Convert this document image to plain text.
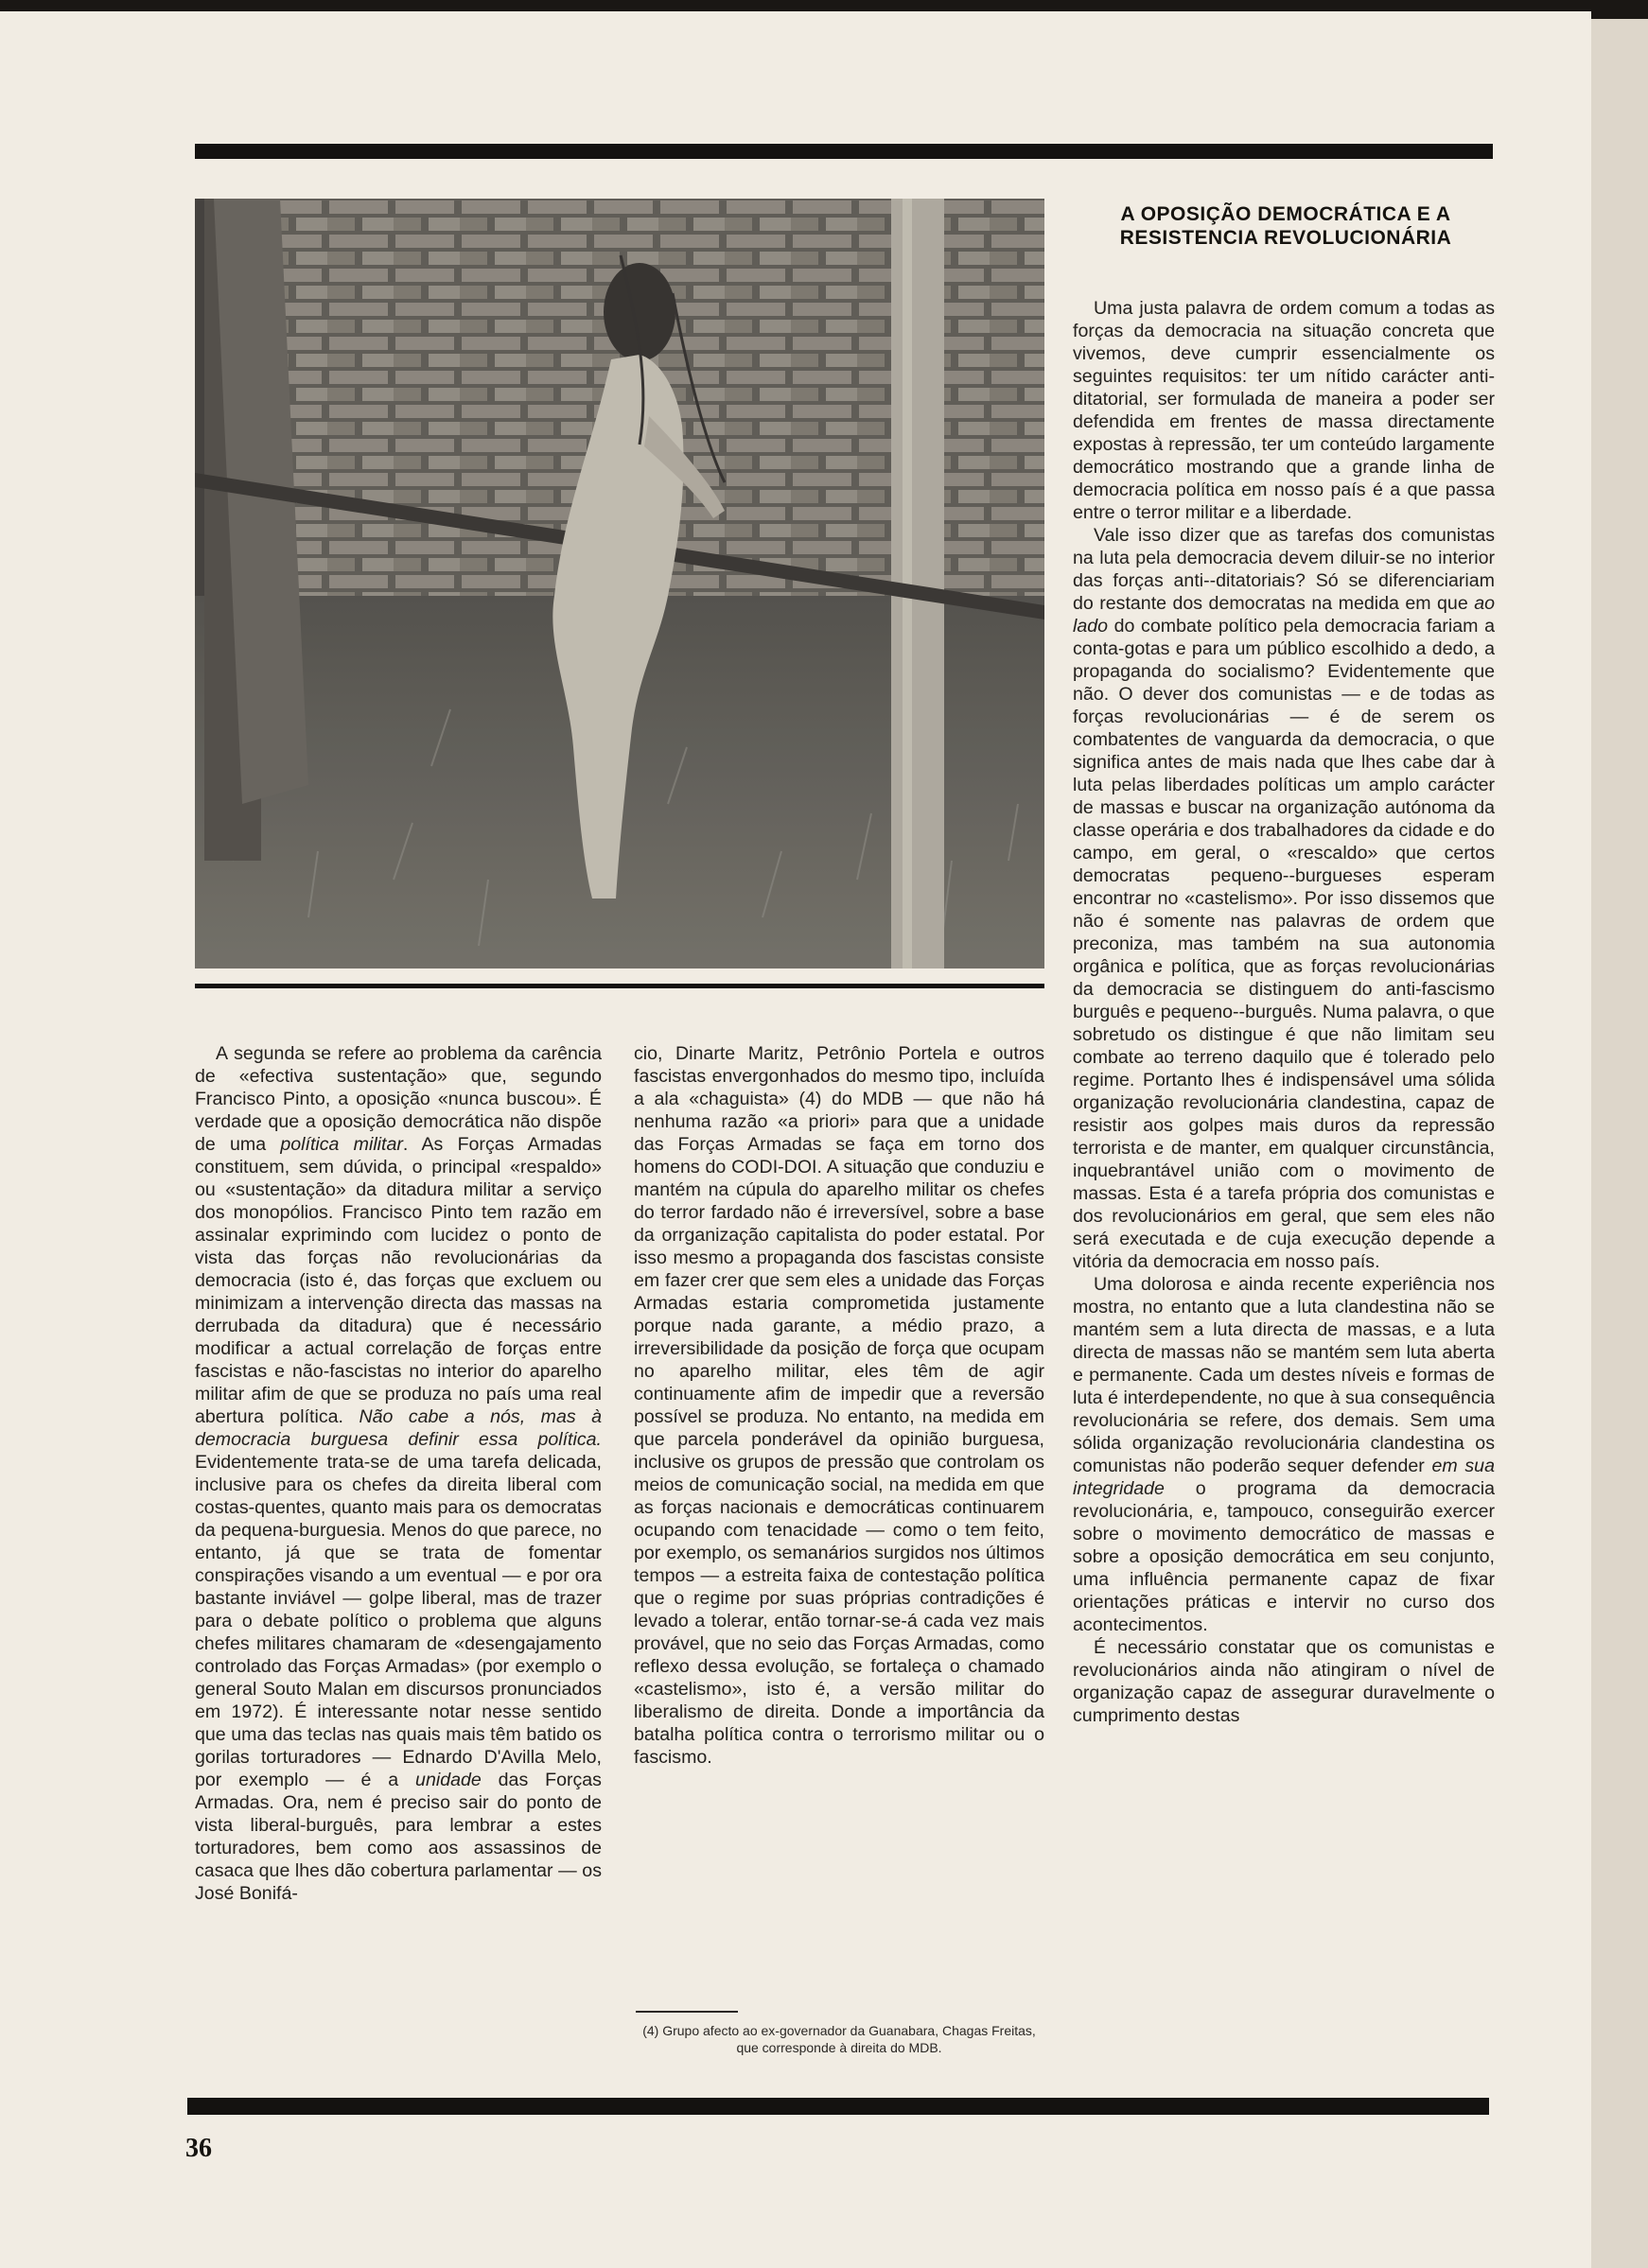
A OPOSIÇÃO DEMOCRÁTICA E A
RESISTENCIA REVOLUCIONÁRIA

A segunda se refere ao problema da carência de «efectiva sustentação» que, segundo Francisco Pinto, a oposição «nunca buscou». É verdade que a oposição democrática não dispõe de uma política militar. As Forças Armadas constituem, sem dúvida, o principal «respaldo» ou «sustentação» da ditadura militar a serviço dos monopólios. Francisco Pinto tem razão em assinalar exprimindo com lucidez o ponto de vista das forças não revolucionárias da democracia (isto é, das forças que excluem ou minimizam a intervenção directa das massas na derrubada da ditadura) que é necessário modificar a actual correlação de forças entre fascistas e não-fascistas no interior do aparelho militar afim de que se produza no país uma real abertura política. Não cabe a nós, mas à democracia burguesa definir essa política. Evidentemente trata-se de uma tarefa delicada, inclusive para os chefes da direita liberal com costas-quentes, quanto mais para os democratas da pequena-burguesia. Menos do que parece, no entanto, já que se trata de fomentar conspirações visando a um eventual — e por ora bastante inviável — golpe liberal, mas de trazer para o debate político o problema que alguns chefes militares chamaram de «desengajamento controlado das Forças Armadas» (por exemplo o general Souto Malan em discursos pronunciados em 1972). É interessante notar nesse sentido que uma das teclas nas quais mais têm batido os gorilas torturadores — Ednardo D'Avilla Melo, por exemplo — é a unidade das Forças Armadas. Ora, nem é preciso sair do ponto de vista liberal-burguês, para lembrar a estes torturadores, bem como aos assassinos de casaca que lhes dão cobertura parlamentar — os José Bonifá-

cio, Dinarte Maritz, Petrônio Portela e outros fascistas envergonhados do mesmo tipo, incluída a ala «chaguista» (4) do MDB — que não há nenhuma razão «a priori» para que a unidade das Forças Armadas se faça em torno dos homens do CODI-DOI. A situação que conduziu e mantém na cúpula do aparelho militar os chefes do terror fardado não é irreversível, sobre a base da orrganização capitalista do poder estatal. Por isso mesmo a propaganda dos fascistas consiste em fazer crer que sem eles a unidade das Forças Armadas estaria comprometida justamente porque nada garante, a médio prazo, a irreversibilidade da posição de força que ocupam no aparelho militar, eles têm de agir continuamente afim de impedir que a reversão possível se produza. No entanto, na medida em que parcela ponderável da opinião burguesa, inclusive os grupos de pressão que controlam os meios de comunicação social, na medida em que as forças nacionais e democráticas continuarem ocupando com tenacidade — como o tem feito, por exemplo, os semanários surgidos nos últimos tempos — a estreita faixa de contestação política que o regime por suas próprias contradições é levado a tolerar, então tornar-se-á cada vez mais provável, que no seio das Forças Armadas, como reflexo dessa evolução, se fortaleça o chamado «castelismo», isto é, a versão militar do liberalismo de direita. Donde a importância da batalha política contra o terrorismo militar ou o fascismo.

(4) Grupo afecto ao ex-governador da Guanabara, Chagas Freitas, que corresponde à direita do MDB.

Uma justa palavra de ordem comum a todas as forças da democracia na situação concreta que vivemos, deve cumprir essencialmente os seguintes requisitos: ter um nítido carácter anti-ditatorial, ser formulada de maneira a poder ser defendida em frentes de massa directamente expostas à repressão, ter um conteúdo largamente democrático mostrando que a grande linha de democracia política em nosso país é a que passa entre o terror militar e a liberdade.

Vale isso dizer que as tarefas dos comunistas na luta pela democracia devem diluir-se no interior das forças anti--ditatoriais? Só se diferenciariam do restante dos democratas na medida em que ao lado do combate político pela democracia fariam a conta-gotas e para um público escolhido a dedo, a propaganda do socialismo? Evidentemente que não. O dever dos comunistas — e de todas as forças revolucionárias — é de serem os combatentes de vanguarda da democracia, o que significa antes de mais nada que lhes cabe dar à luta pelas liberdades políticas um amplo carácter de massas e buscar na organização autónoma da classe operária e dos trabalhadores da cidade e do campo, em geral, o «rescaldo» que certos democratas pequeno--burgueses esperam encontrar no «castelismo». Por isso dissemos que não é somente nas palavras de ordem que preconiza, mas também na sua autonomia orgânica e política, que as forças revolucionárias da democracia se distinguem do anti-fascismo burguês e pequeno--burguês. Numa palavra, o que sobretudo os distingue é que não limitam seu combate ao terreno daquilo que é tolerado pelo regime. Portanto lhes é indispensável uma sólida organização revolucionária clandestina, capaz de resistir aos golpes mais duros da repressão terrorista e de manter, em qualquer circunstância, inquebrantável união com o movimento de massas. Esta é a tarefa própria dos comunistas e dos revolucionários em geral, que sem eles não será executada e de cuja execução depende a vitória da democracia em nosso país.

Uma dolorosa e ainda recente experiência nos mostra, no entanto que a luta clandestina não se mantém sem a luta directa de massas, e a luta directa de massas não se mantém sem luta aberta e permanente. Cada um destes níveis e formas de luta é interdependente, no que à sua consequência revolucionária se refere, dos demais. Sem uma sólida organização revolucionária clandestina os comunistas não poderão sequer defender em sua integridade o programa da democracia revolucionária, e, tampouco, conseguirão exercer sobre o movimento democrático de massas e sobre a oposição democrática em seu conjunto, uma influência permanente capaz de fixar orientações práticas e intervir no curso dos acontecimentos.

É necessário constatar que os comunistas e revolucionários ainda não atingiram o nível de organização capaz de assegurar duravelmente o cumprimento destas

36
